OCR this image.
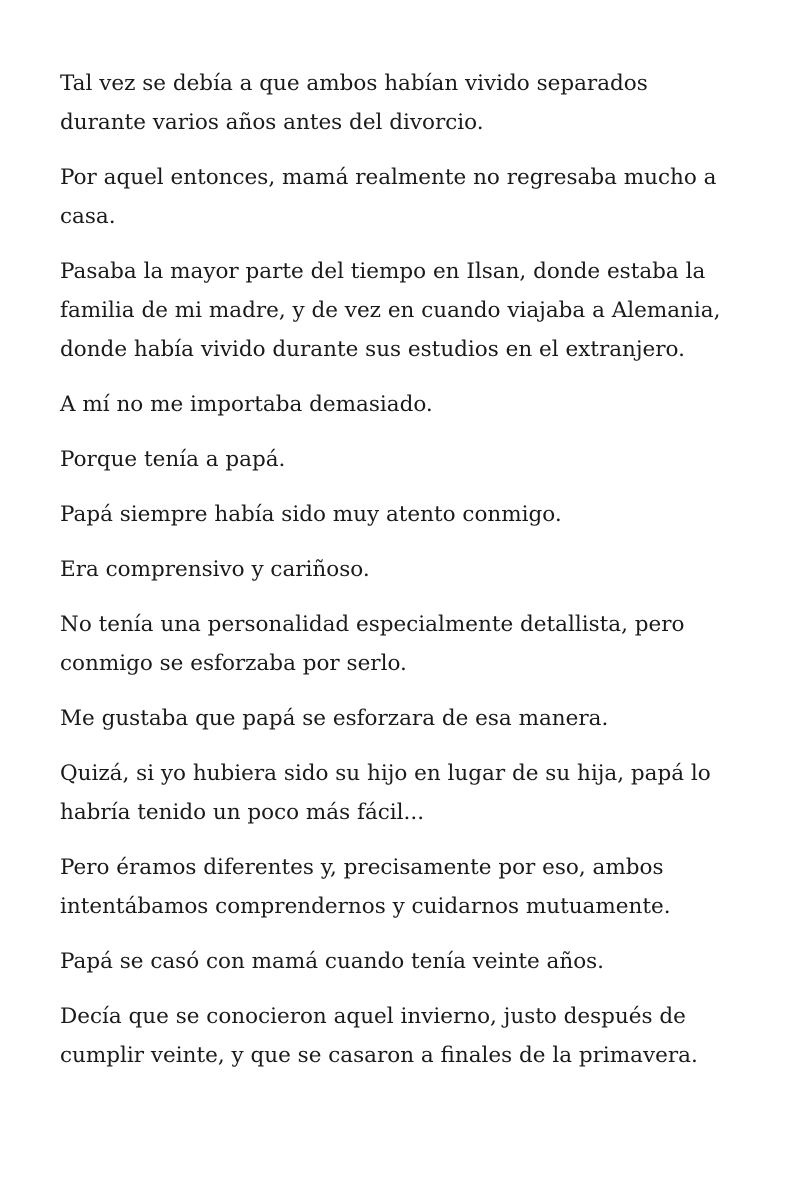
Tal vez se debía a que ambos habían vivido separados
durante varios años antes del divorcio.

Por aquel entonces, mamá realmente no regresaba mucho a
casa.

Pasaba la mayor parte del tiempo en Ilsan, donde estaba la
familia de mi madre, y de vez en cuando viajaba a Alemania,
donde había vivido durante sus estudios en el extranjero.

A mí no me importaba demasiado.

Porque tenía a papá.

Papá siempre había sido muy atento conmigo.

Era comprensivo y cariñoso.

No tenía una personalidad especialmente detallista, pero
conmigo se esforzaba por serlo.

Me gustaba que papá se esforzara de esa manera.

Quizá, si yo hubiera sido su hijo en lugar de su hija, papá lo
habría tenido un poco más fácil...

Pero éramos diferentes y, precisamente por eso, ambos
intentábamos comprendernos y cuidarnos mutuamente.

Papá se casó con mamá cuando tenía veinte años.

Decía que se conocieron aquel invierno, justo después de
cumplir veinte, y que se casaron a finales de la primavera.
